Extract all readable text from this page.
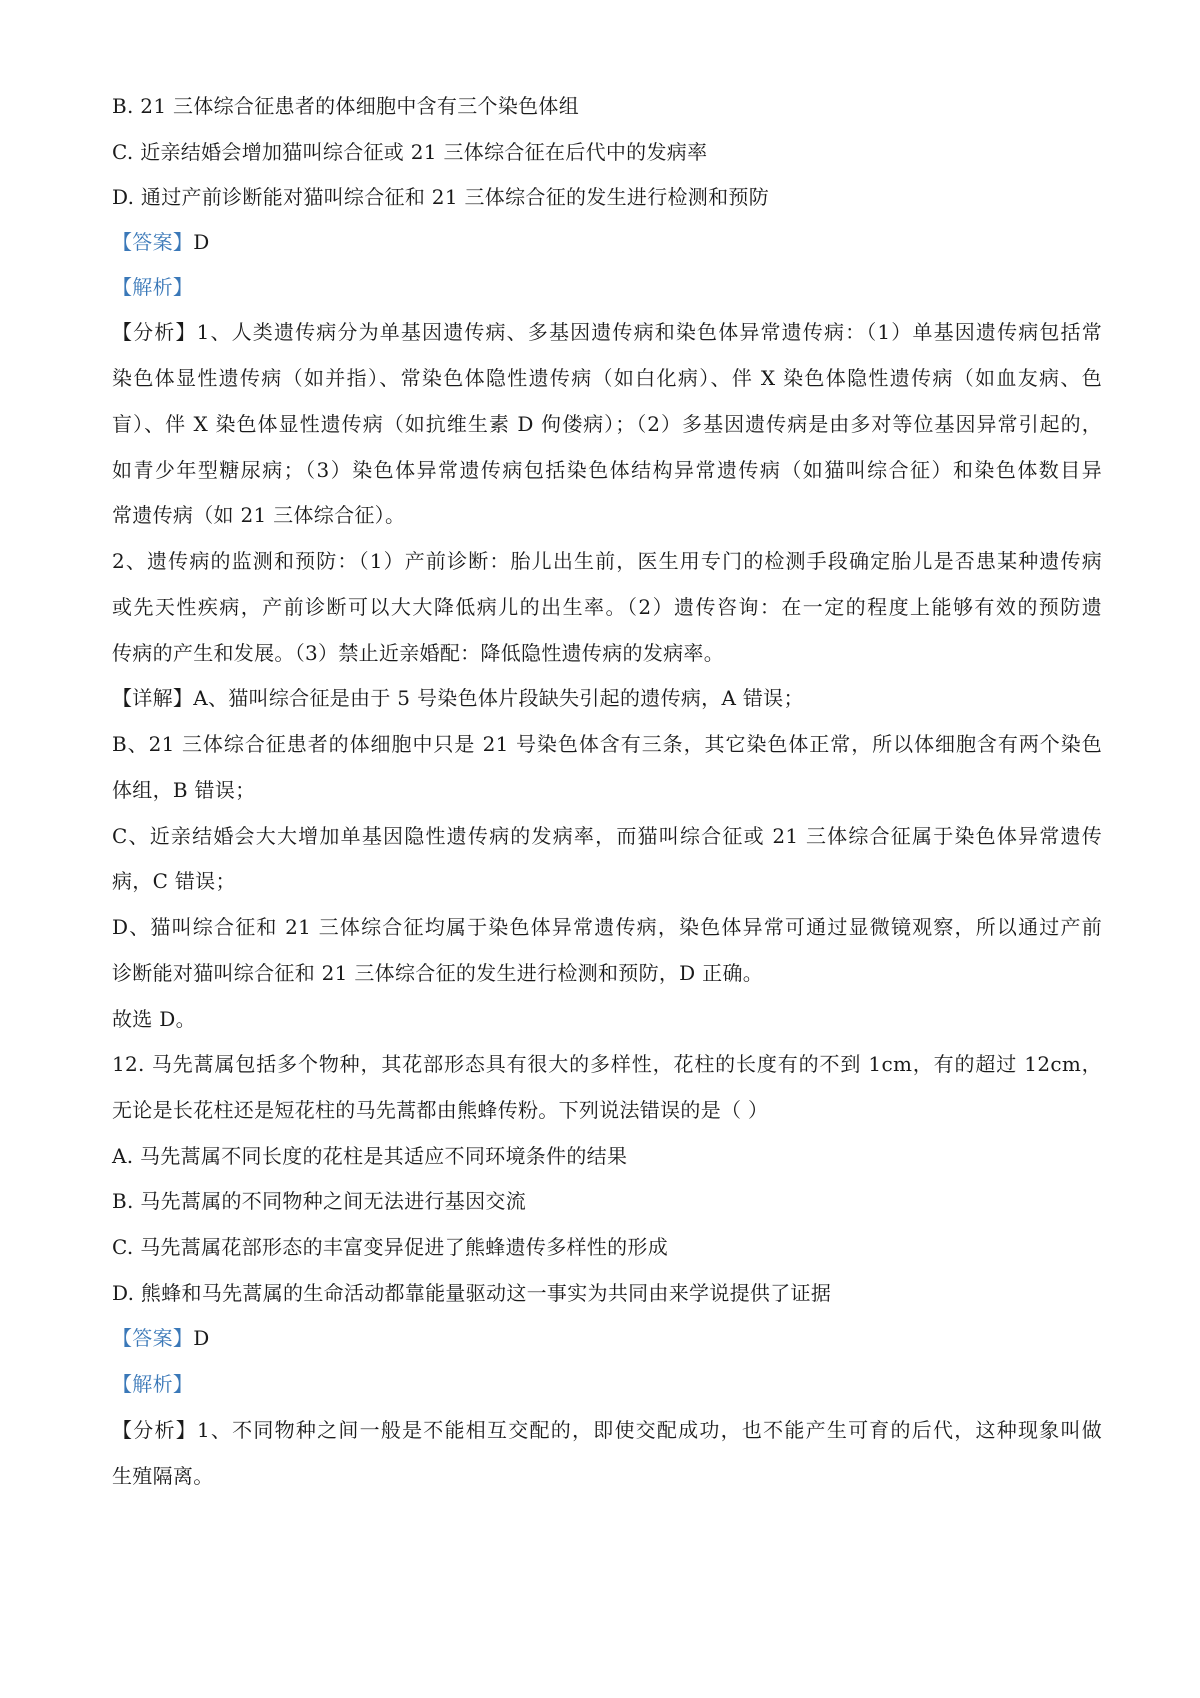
B. 21 三体综合征患者的体细胞中含有三个染色体组
C. 近亲结婚会增加猫叫综合征或 21 三体综合征在后代中的发病率
D. 通过产前诊断能对猫叫综合征和 21 三体综合征的发生进行检测和预防
【答案】D
【解析】
【分析】1、人类遗传病分为单基因遗传病、多基因遗传病和染色体异常遗传病：（1）单基因遗传病包括常
染色体显性遗传病（如并指）、常染色体隐性遗传病（如白化病）、伴 X 染色体隐性遗传病（如血友病、色
盲）、伴 X 染色体显性遗传病（如抗维生素 D 佝偻病）；（2）多基因遗传病是由多对等位基因异常引起的，
如青少年型糖尿病；（3）染色体异常遗传病包括染色体结构异常遗传病（如猫叫综合征）和染色体数目异
常遗传病（如 21 三体综合征）。
2、遗传病的监测和预防：（1）产前诊断：胎儿出生前，医生用专门的检测手段确定胎儿是否患某种遗传病
或先天性疾病，产前诊断可以大大降低病儿的出生率。（2）遗传咨询：在一定的程度上能够有效的预防遗
传病的产生和发展。（3）禁止近亲婚配：降低隐性遗传病的发病率。
【详解】A、猫叫综合征是由于 5 号染色体片段缺失引起的遗传病，A 错误；
B、21 三体综合征患者的体细胞中只是 21 号染色体含有三条，其它染色体正常，所以体细胞含有两个染色
体组，B 错误；
C、近亲结婚会大大增加单基因隐性遗传病的发病率，而猫叫综合征或 21 三体综合征属于染色体异常遗传
病，C 错误；
D、猫叫综合征和 21 三体综合征均属于染色体异常遗传病，染色体异常可通过显微镜观察，所以通过产前
诊断能对猫叫综合征和 21 三体综合征的发生进行检测和预防，D 正确。
故选 D。
12. 马先蒿属包括多个物种，其花部形态具有很大的多样性，花柱的长度有的不到 1cm，有的超过 12cm，
无论是长花柱还是短花柱的马先蒿都由熊蜂传粉。下列说法错误的是（ ）
A. 马先蒿属不同长度的花柱是其适应不同环境条件的结果
B. 马先蒿属的不同物种之间无法进行基因交流
C. 马先蒿属花部形态的丰富变异促进了熊蜂遗传多样性的形成
D. 熊蜂和马先蒿属的生命活动都靠能量驱动这一事实为共同由来学说提供了证据
【答案】D
【解析】
【分析】1、不同物种之间一般是不能相互交配的，即使交配成功，也不能产生可育的后代，这种现象叫做
生殖隔离。
